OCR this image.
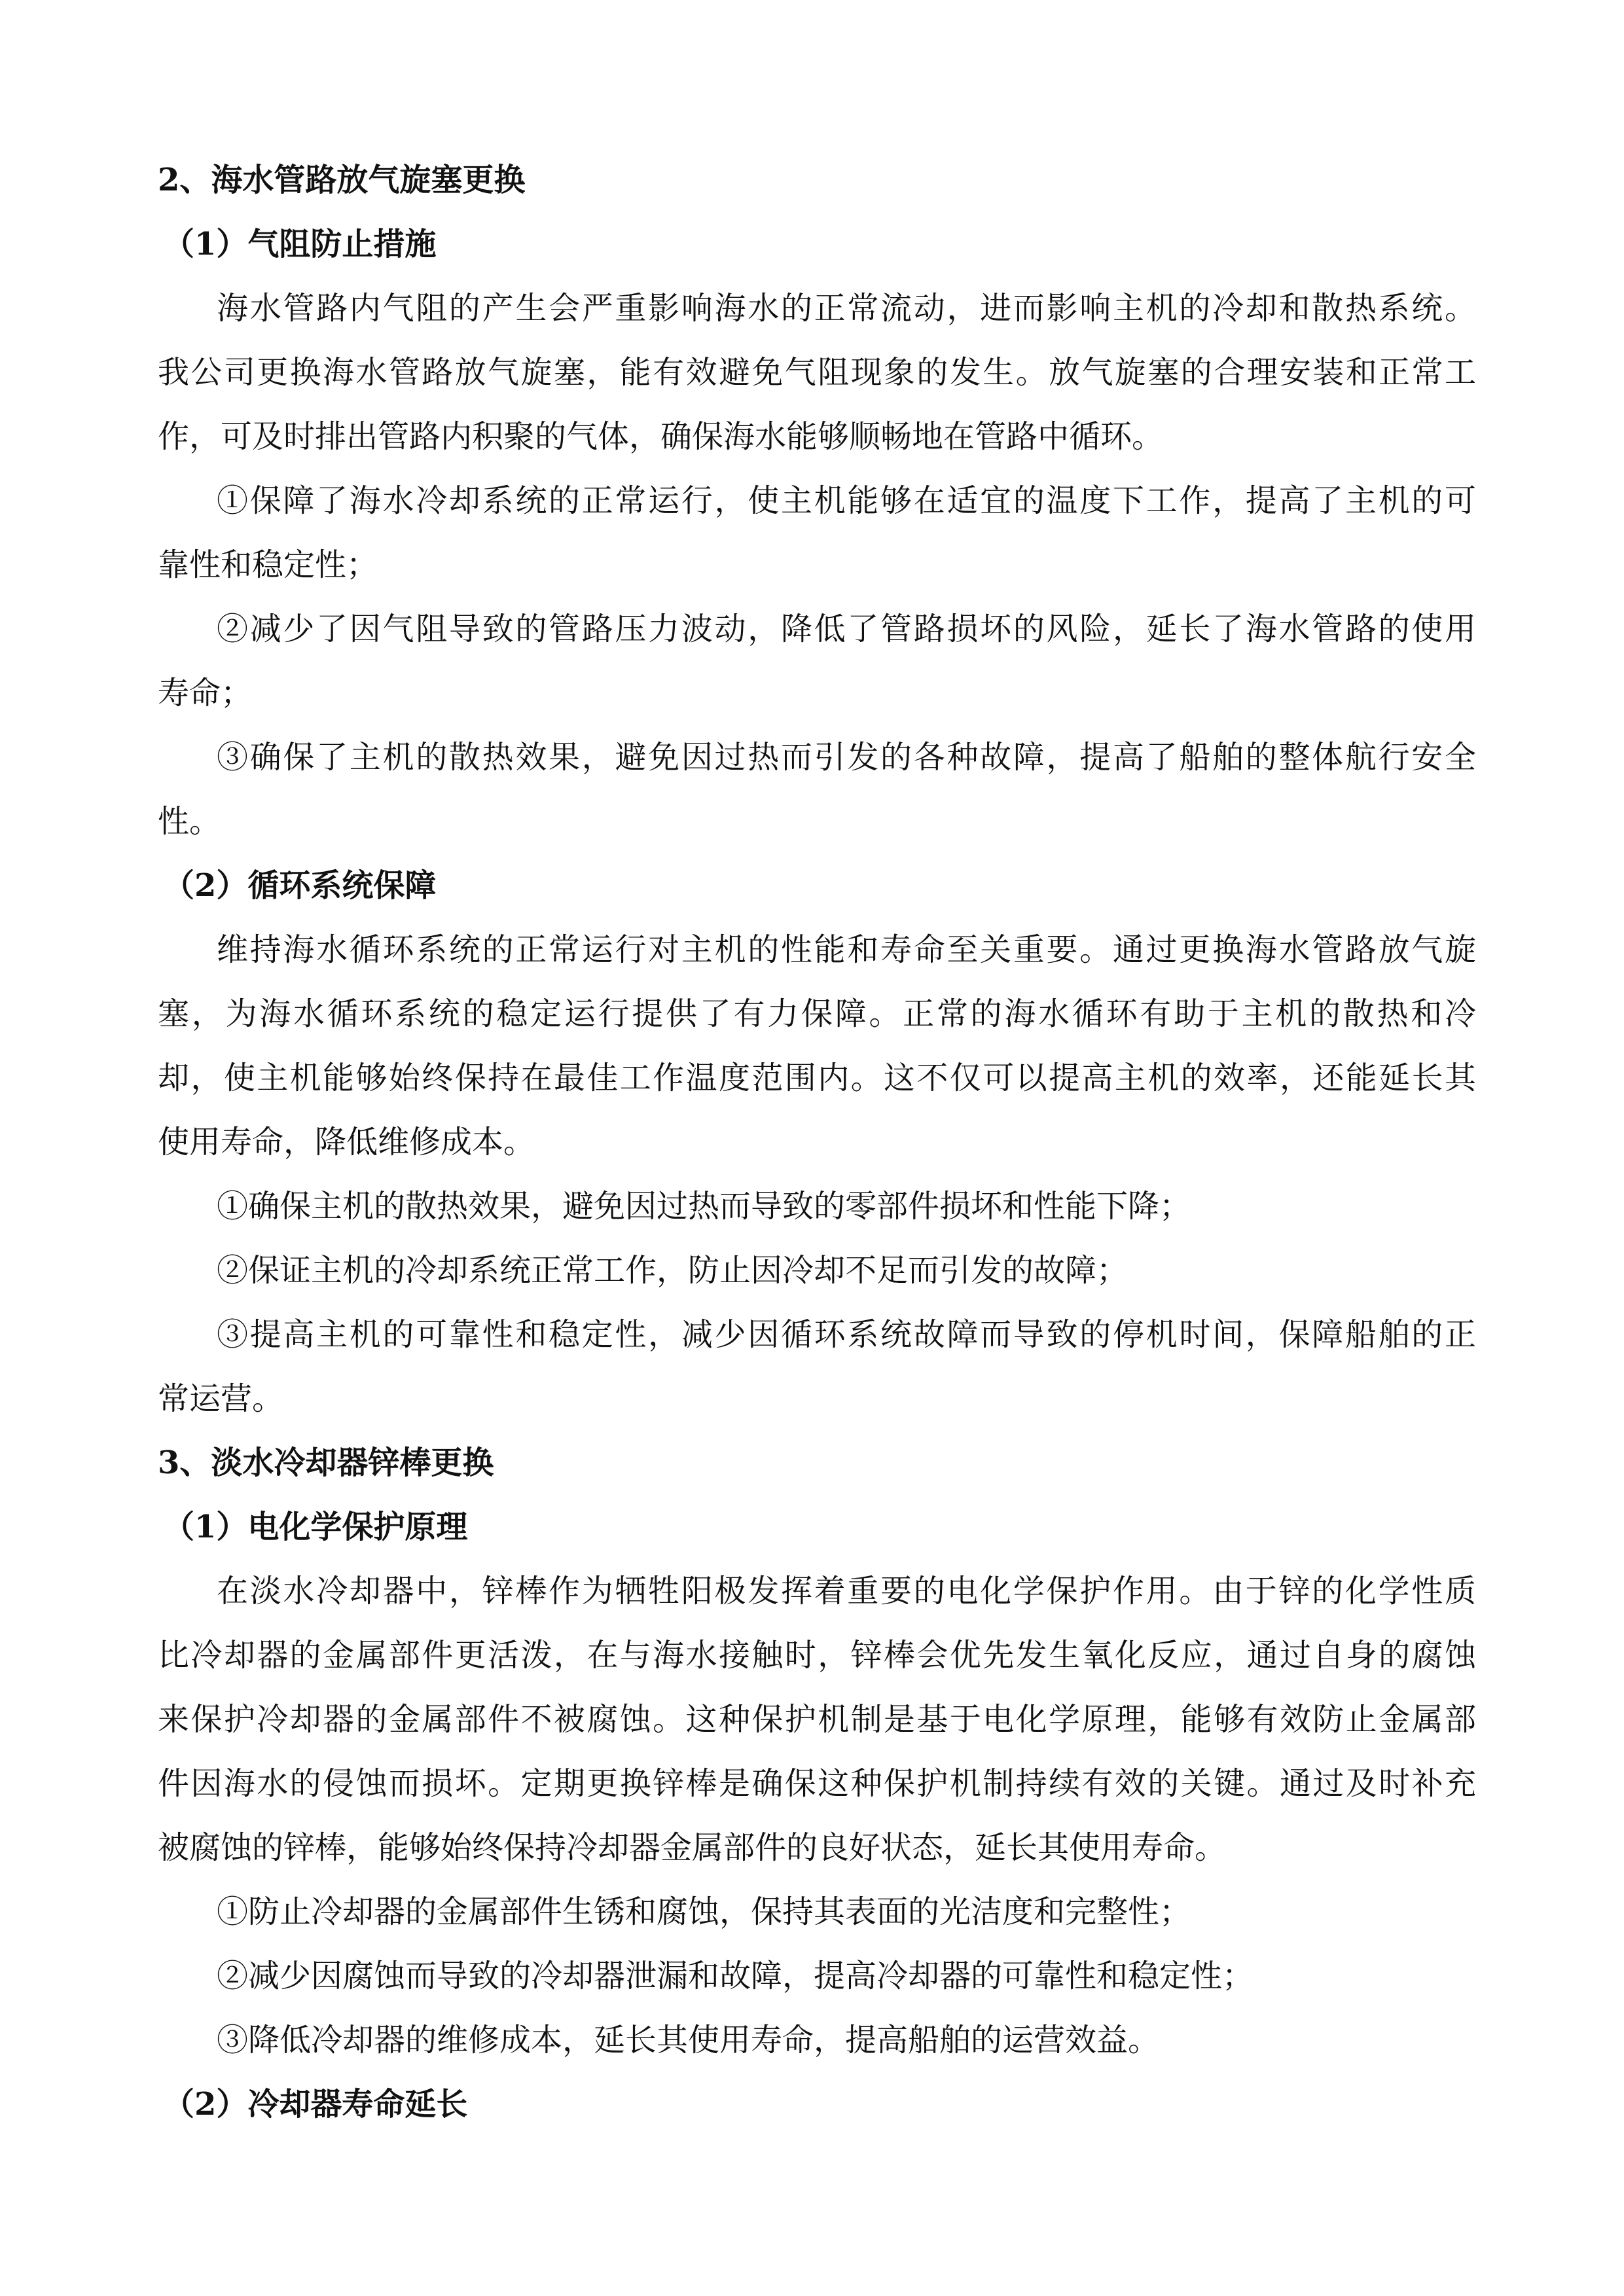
2、海水管路放气旋塞更换
（1）气阻防止措施
海水管路内气阻的产生会严重影响海水的正常流动，进而影响主机的冷却和散热系统。
我公司更换海水管路放气旋塞，能有效避免气阻现象的发生。放气旋塞的合理安装和正常工
作，可及时排出管路内积聚的气体，确保海水能够顺畅地在管路中循环。
①保障了海水冷却系统的正常运行，使主机能够在适宜的温度下工作，提高了主机的可
靠性和稳定性；
②减少了因气阻导致的管路压力波动，降低了管路损坏的风险，延长了海水管路的使用
寿命；
③确保了主机的散热效果，避免因过热而引发的各种故障，提高了船舶的整体航行安全
性。
（2）循环系统保障
维持海水循环系统的正常运行对主机的性能和寿命至关重要。通过更换海水管路放气旋
塞，为海水循环系统的稳定运行提供了有力保障。正常的海水循环有助于主机的散热和冷
却，使主机能够始终保持在最佳工作温度范围内。这不仅可以提高主机的效率，还能延长其
使用寿命，降低维修成本。
①确保主机的散热效果，避免因过热而导致的零部件损坏和性能下降；
②保证主机的冷却系统正常工作，防止因冷却不足而引发的故障；
③提高主机的可靠性和稳定性，减少因循环系统故障而导致的停机时间，保障船舶的正
常运营。
3、淡水冷却器锌棒更换
（1）电化学保护原理
在淡水冷却器中，锌棒作为牺牲阳极发挥着重要的电化学保护作用。由于锌的化学性质
比冷却器的金属部件更活泼，在与海水接触时，锌棒会优先发生氧化反应，通过自身的腐蚀
来保护冷却器的金属部件不被腐蚀。这种保护机制是基于电化学原理，能够有效防止金属部
件因海水的侵蚀而损坏。定期更换锌棒是确保这种保护机制持续有效的关键。通过及时补充
被腐蚀的锌棒，能够始终保持冷却器金属部件的良好状态，延长其使用寿命。
①防止冷却器的金属部件生锈和腐蚀，保持其表面的光洁度和完整性；
②减少因腐蚀而导致的冷却器泄漏和故障，提高冷却器的可靠性和稳定性；
③降低冷却器的维修成本，延长其使用寿命，提高船舶的运营效益。
（2）冷却器寿命延长
